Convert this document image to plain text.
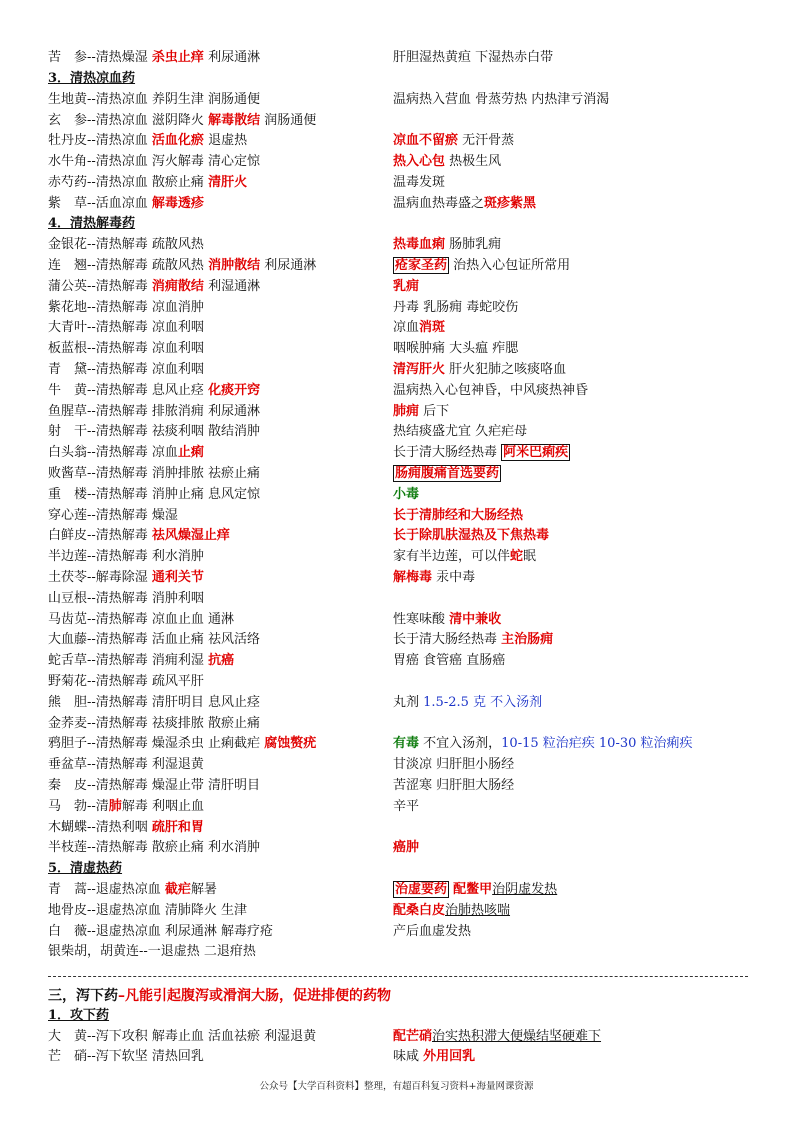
苦　参--清热燥湿 杀虫止痒 利尿通淋	肝胆湿热黄疸 下湿热赤白带
3．清热凉血药
生地黄--清热凉血 养阴生津 润肠通便	温病热入营血 骨蒸劳热 内热津亏消渴
玄　参--清热凉血 滋阴降火 解毒散结 润肠通便
牡丹皮--清热凉血 活血化瘀 退虚热	凉血不留瘀 无汗骨蒸
水牛角--清热凉血 泻火解毒 清心定惊	热入心包 热极生风
赤芍药--清热凉血 散瘀止痛 清肝火	温毒发斑
紫　草--活血凉血 解毒透疹	温病血热毒盛之斑疹紫黑
4．清热解毒药
金银花--清热解毒 疏散风热	热毒血痢 肠肺乳痈
连　翘--清热解毒 疏散风热 消肿散结 利尿通淋	疮家圣药 治热入心包证所常用
蒲公英--清热解毒 消痈散结 利湿通淋	乳痈
紫花地--清热解毒 凉血消肿	丹毒 乳肠痈 毒蛇咬伤
大青叶--清热解毒 凉血利咽	凉血消斑
板蓝根--清热解毒 凉血利咽	咽喉肿痛 大头瘟 痄腮
青　黛--清热解毒 凉血利咽	清泻肝火 肝火犯肺之咳痰咯血
牛　黄--清热解毒 息风止痉 化痰开窍	温病热入心包神昏，中风痰热神昏
鱼腥草--清热解毒 排脓消痈 利尿通淋	肺痈 后下
射　干--清热解毒 祛痰利咽 散结消肿	热结痰盛尤宜 久疟疟母
白头翁--清热解毒 凉血止痢	长于清大肠经热毒 阿米巴痢疾
败酱草--清热解毒 消肿排脓 祛瘀止痛	肠痈腹痛首选要药
重　楼--清热解毒 消肿止痛 息风定惊	小毒
穿心莲--清热解毒 燥湿	长于清肺经和大肠经热
白鲜皮--清热解毒 祛风燥湿止痒	长于除肌肤湿热及下焦热毒
半边莲--清热解毒 利水消肿	家有半边莲，可以伴蛇眠
土茯苓--解毒除湿 通利关节	解梅毒 汞中毒
山豆根--清热解毒 消肿利咽
马齿苋--清热解毒 凉血止血 通淋	性寒味酸 清中兼收
大血藤--清热解毒 活血止痛 祛风活络	长于清大肠经热毒 主治肠痈
蛇舌草--清热解毒 消痈利湿 抗癌	胃癌 食管癌 直肠癌
野菊花--清热解毒 疏风平肝
熊　胆--清热解毒 清肝明目 息风止痉	丸剂 1.5-2.5 克 不入汤剂
金荞麦--清热解毒 祛痰排脓 散瘀止痛
鸦胆子--清热解毒 燥湿杀虫 止痢截疟 腐蚀赘疣	有毒 不宜入汤剂，10-15 粒治疟疾 10-30 粒治痢疾
垂盆草--清热解毒 利湿退黄	甘淡凉 归肝胆小肠经
秦　皮--清热解毒 燥湿止带 清肝明目	苦涩寒 归肝胆大肠经
马　勃--清肺解毒 利咽止血	辛平
木蝴蝶--清热利咽 疏肝和胃
半枝莲--清热解毒 散瘀止痛 利水消肿	癌肿
5．清虚热药
青　蒿--退虚热凉血 截疟解暑	治虚要药 配鳖甲治阴虚发热
地骨皮--退虚热凉血 清肺降火 生津	配桑白皮治肺热咳喘
白　薇--退虚热凉血 利尿通淋 解毒疗疮	产后血虚发热
银柴胡，胡黄连--一退虚热 二退疳热
三，泻下药–凡能引起腹泻或滑润大肠，促进排便的药物
1．攻下药
大　黄--泻下攻积 解毒止血 活血祛瘀 利湿退黄	配芒硝治实热积滞大便燥结坚硬难下
芒　硝--泻下软坚 清热回乳	味咸 外用回乳
公众号【大学百科资料】整理，有超百科复习资料+海量网课资源
